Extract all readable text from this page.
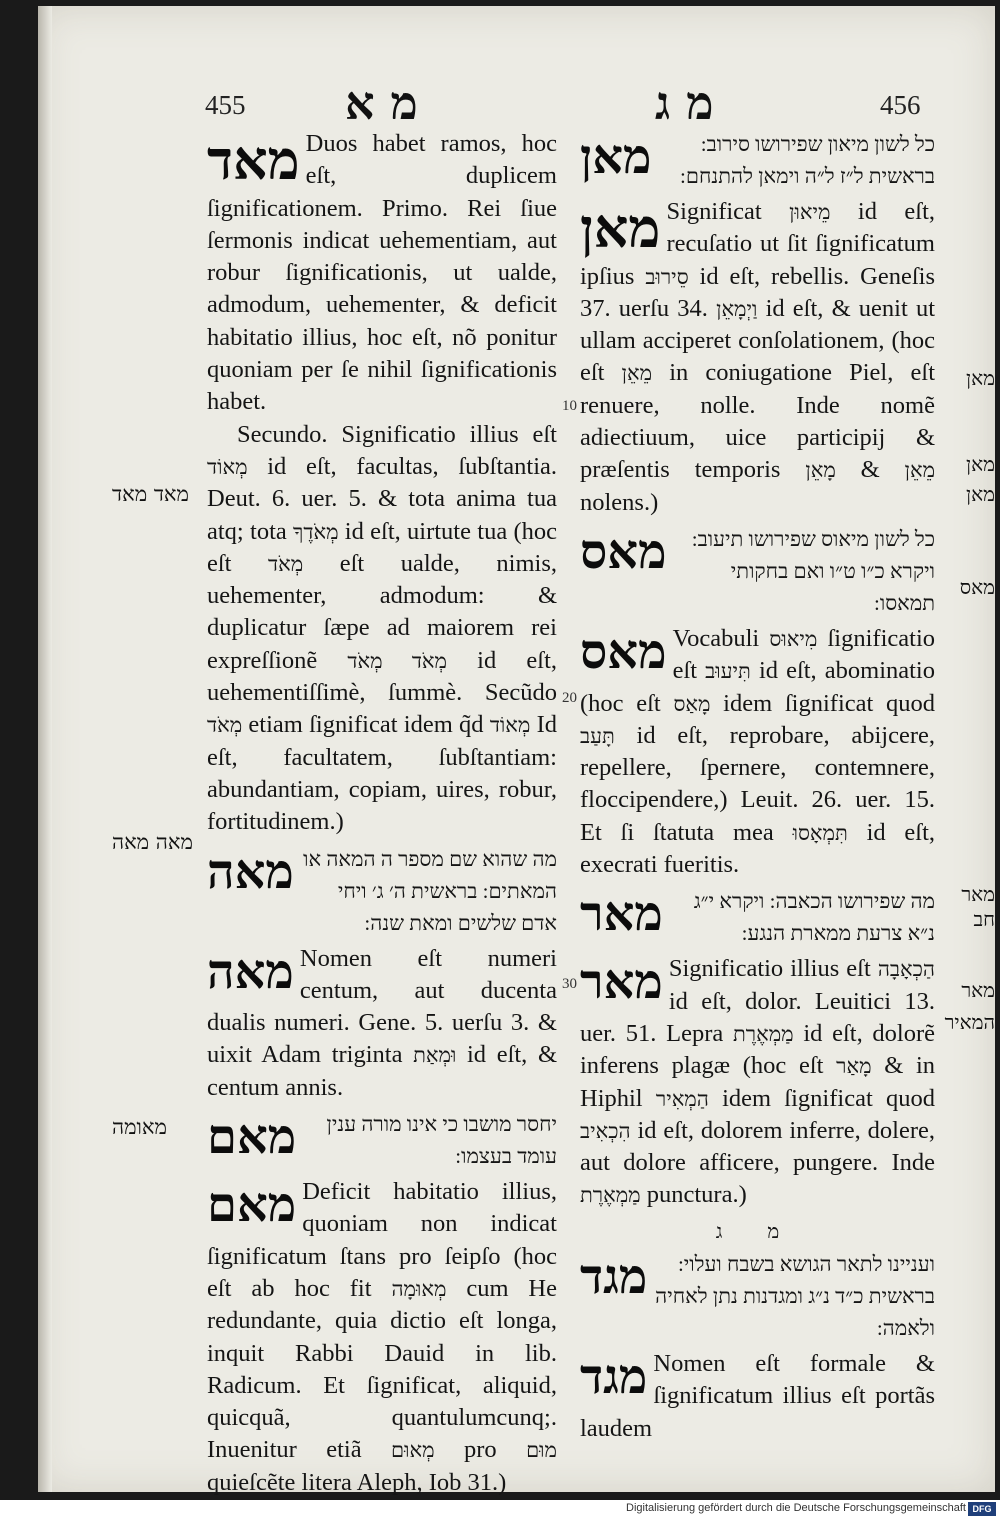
455 מ א	מ ג	456
מאד Duos habet ramos, hoc eſt, duplicem ſignificationem. Primo. Rei ſiue ſermonis indicat uehementiam, aut robur ſignificationis, ut ualde, admodum, uehementer, & deficit habitatio illius, hoc eſt, nõ ponitur quoniam per ſe nihil ſignificationis habet.
Secundo. Significatio illius eſt מְאוֹד id eſt, facultas, ſubſtantia. Deut. 6. uer. 5. & tota anima tua atq; tota מְאֹדֶךָ id eſt, uirtute tua (hoc eſt מְאֹד eſt ualde, nimis, uehementer, admodum: & duplicatur ſæpe ad maiorem rei expreſſionẽ מְאֹד מְאֹד id eſt, uehementiſſimè, ſummè. Secũdo מְאֹד etiam ſignificat idem q̃d מְאוֹד Id eſt, facultatem, ſubſtantiam: abundantiam, copiam, uires, robur, fortitudinem.)
מאה מה שהוא שם מספר ה המאה או המאתים: בראשית ה׳ ג׳ ויחי אדם שלשים ומאת שנה:
מאה Nomen eſt numeri centum, aut ducenta dualis numeri. Gene. 5. uerſu 3. & uixit Adam triginta וּמְאַת id eſt, & centum annis.
מאם	יחסר מושבו כי אינו מורה ענין עומד בעצמו:
מאם Deficit habitatio illius, quoniam non indicat ſignificatum ſtans pro ſeipſo (hoc eſt ab hoc fit מְאוּמָה cum He redundante, quia dictio eſt longa, inquit Rabbi Dauid in lib. Radicum. Et ſignificat, aliquid, quicquã, quantulumcunq;. Inuenitur etiã מְאוּם pro מוּם quieſcẽte litera Aleph, Iob 31.)
מאד מאד
מאה מאה
מאומה
10
20
30
מאן	כל לשון מיאון שפירושו סירוב: בראשית ל״ז ל״ה וימאן להתנחם:
מאן Significat מֵיאוּן id eſt, recuſatio ut ſit ſignificatum ipſius סֵירוּב id eſt, rebellis. Geneſis 37. uerſu 34. וַיְמָאֵן id eſt, & uenit ut ullam acciperet conſolationem, (hoc eſt מֵאֵן in coniugatione Piel, eſt renuere, nolle. Inde nomẽ adiectiuum, uice participij & præſentis temporis מָאֵן & מֵאֵן nolens.)
מאס	כל לשון מיאוס שפירושו תיעוב: ויקרא כ״ו ט״ו ואם בחקותי תמאסו:
מאס Vocabuli מִיאוּס ſignificatio eſt תִּיעוּב id eſt, abominatio (hoc eſt מָאַס idem ſignificat quod תָּעַב id eſt, reprobare, abijcere, repellere, ſpernere, contemnere, floccipendere,) Leuit. 26. uer. 15. Et ſi ſtatuta mea תִּמְאָסוּ id eſt, execrati fueritis.
מאר	מה שפירושו הכאבה: ויקרא י״ג נ״א צרעת ממארת הנגע:
מאר Significatio illius eſt הַכְאָבָה id eſt, dolor. Leuitici 13. uer. 51. Lepra מַמְאֶרֶת id eſt, dolorẽ inferens plagæ (hoc eſt מָאַר & in Hiphil הַמְאִיר idem ſignificat quod הִכְאִיב id eſt, dolorem inferre, dolere, aut dolore afficere, pungere. Inde מַמְאֶרֶת punctura.)
מ ג
מגד	ועניינו לתאר הגושא בשבח ועלוי: בראשית כ״ד נ״ג ומגדנות נתן לאחיה ולאמה:
מגד Nomen eſt formale & ſignificatum illius eſt portãs laudem
מאן
מאן
מאן
מאס
מאר חב
מאר
המאיר
Digitalisierung gefördert durch die Deutsche Forschungsgemeinschaft DFG
